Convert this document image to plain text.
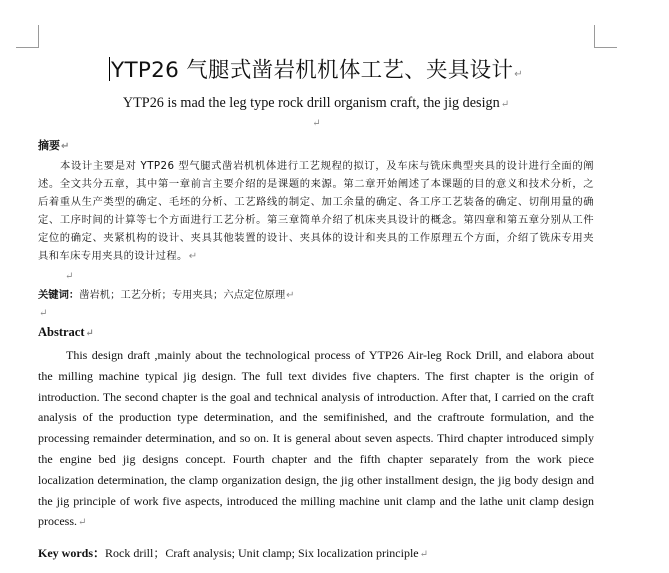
YTP26 气腿式凿岩机机体工艺、夹具设计↵
YTP26 is mad the leg type rock drill organism craft, the jig design↵
↵
摘要↵

本设计主要是对 YTP26 型气腿式凿岩机机体进行工艺规程的拟订，及车床与铣床典型夹具的设计进行全面的阐述。全文共分五章，其中第一章前言主要介绍的是课题的来源。第二章开始阐述了本课题的目的意义和技术分析，之后着重从生产类型的确定、毛坯的分析、工艺路线的制定、加工余量的确定、各工序工艺装备的确定、切削用量的确定、工序时间的计算等七个方面进行工艺分析。第三章简单介绍了机床夹具设计的概念。第四章和第五章分别从工件定位的确定、夹紧机构的设计、夹具其他装置的设计、夹具体的设计和夹具的工作原理五个方面，介绍了铣床专用夹具和车床专用夹具的设计过程。↵

↵
关键词：凿岩机；工艺分析；专用夹具；六点定位原理↵
↵
Abstract↵

This design draft ,mainly about the technological process of YTP26 Air-leg Rock Drill, and elabora about the milling machine typical jig design. The full text divides five chapters. The first chapter is the origin of introduction. The second chapter is the goal and technical analysis of introduction. After that, I carried on the craft analysis of the production type determination, and the semifinished, and the craftroute formulation, and the processing remainder determination, and so on. It is general about seven aspects. Third chapter introduced simply the engine bed jig designs concept. Fourth chapter and the fifth chapter separately from the work piece localization determination, the clamp organization design, the jig other installment design, the jig body design and the jig principle of work five aspects, introduced the milling machine unit clamp and the lathe unit clamp design process.↵

Key words：Rock drill；Craft analysis; Unit clamp; Six localization principle↵
